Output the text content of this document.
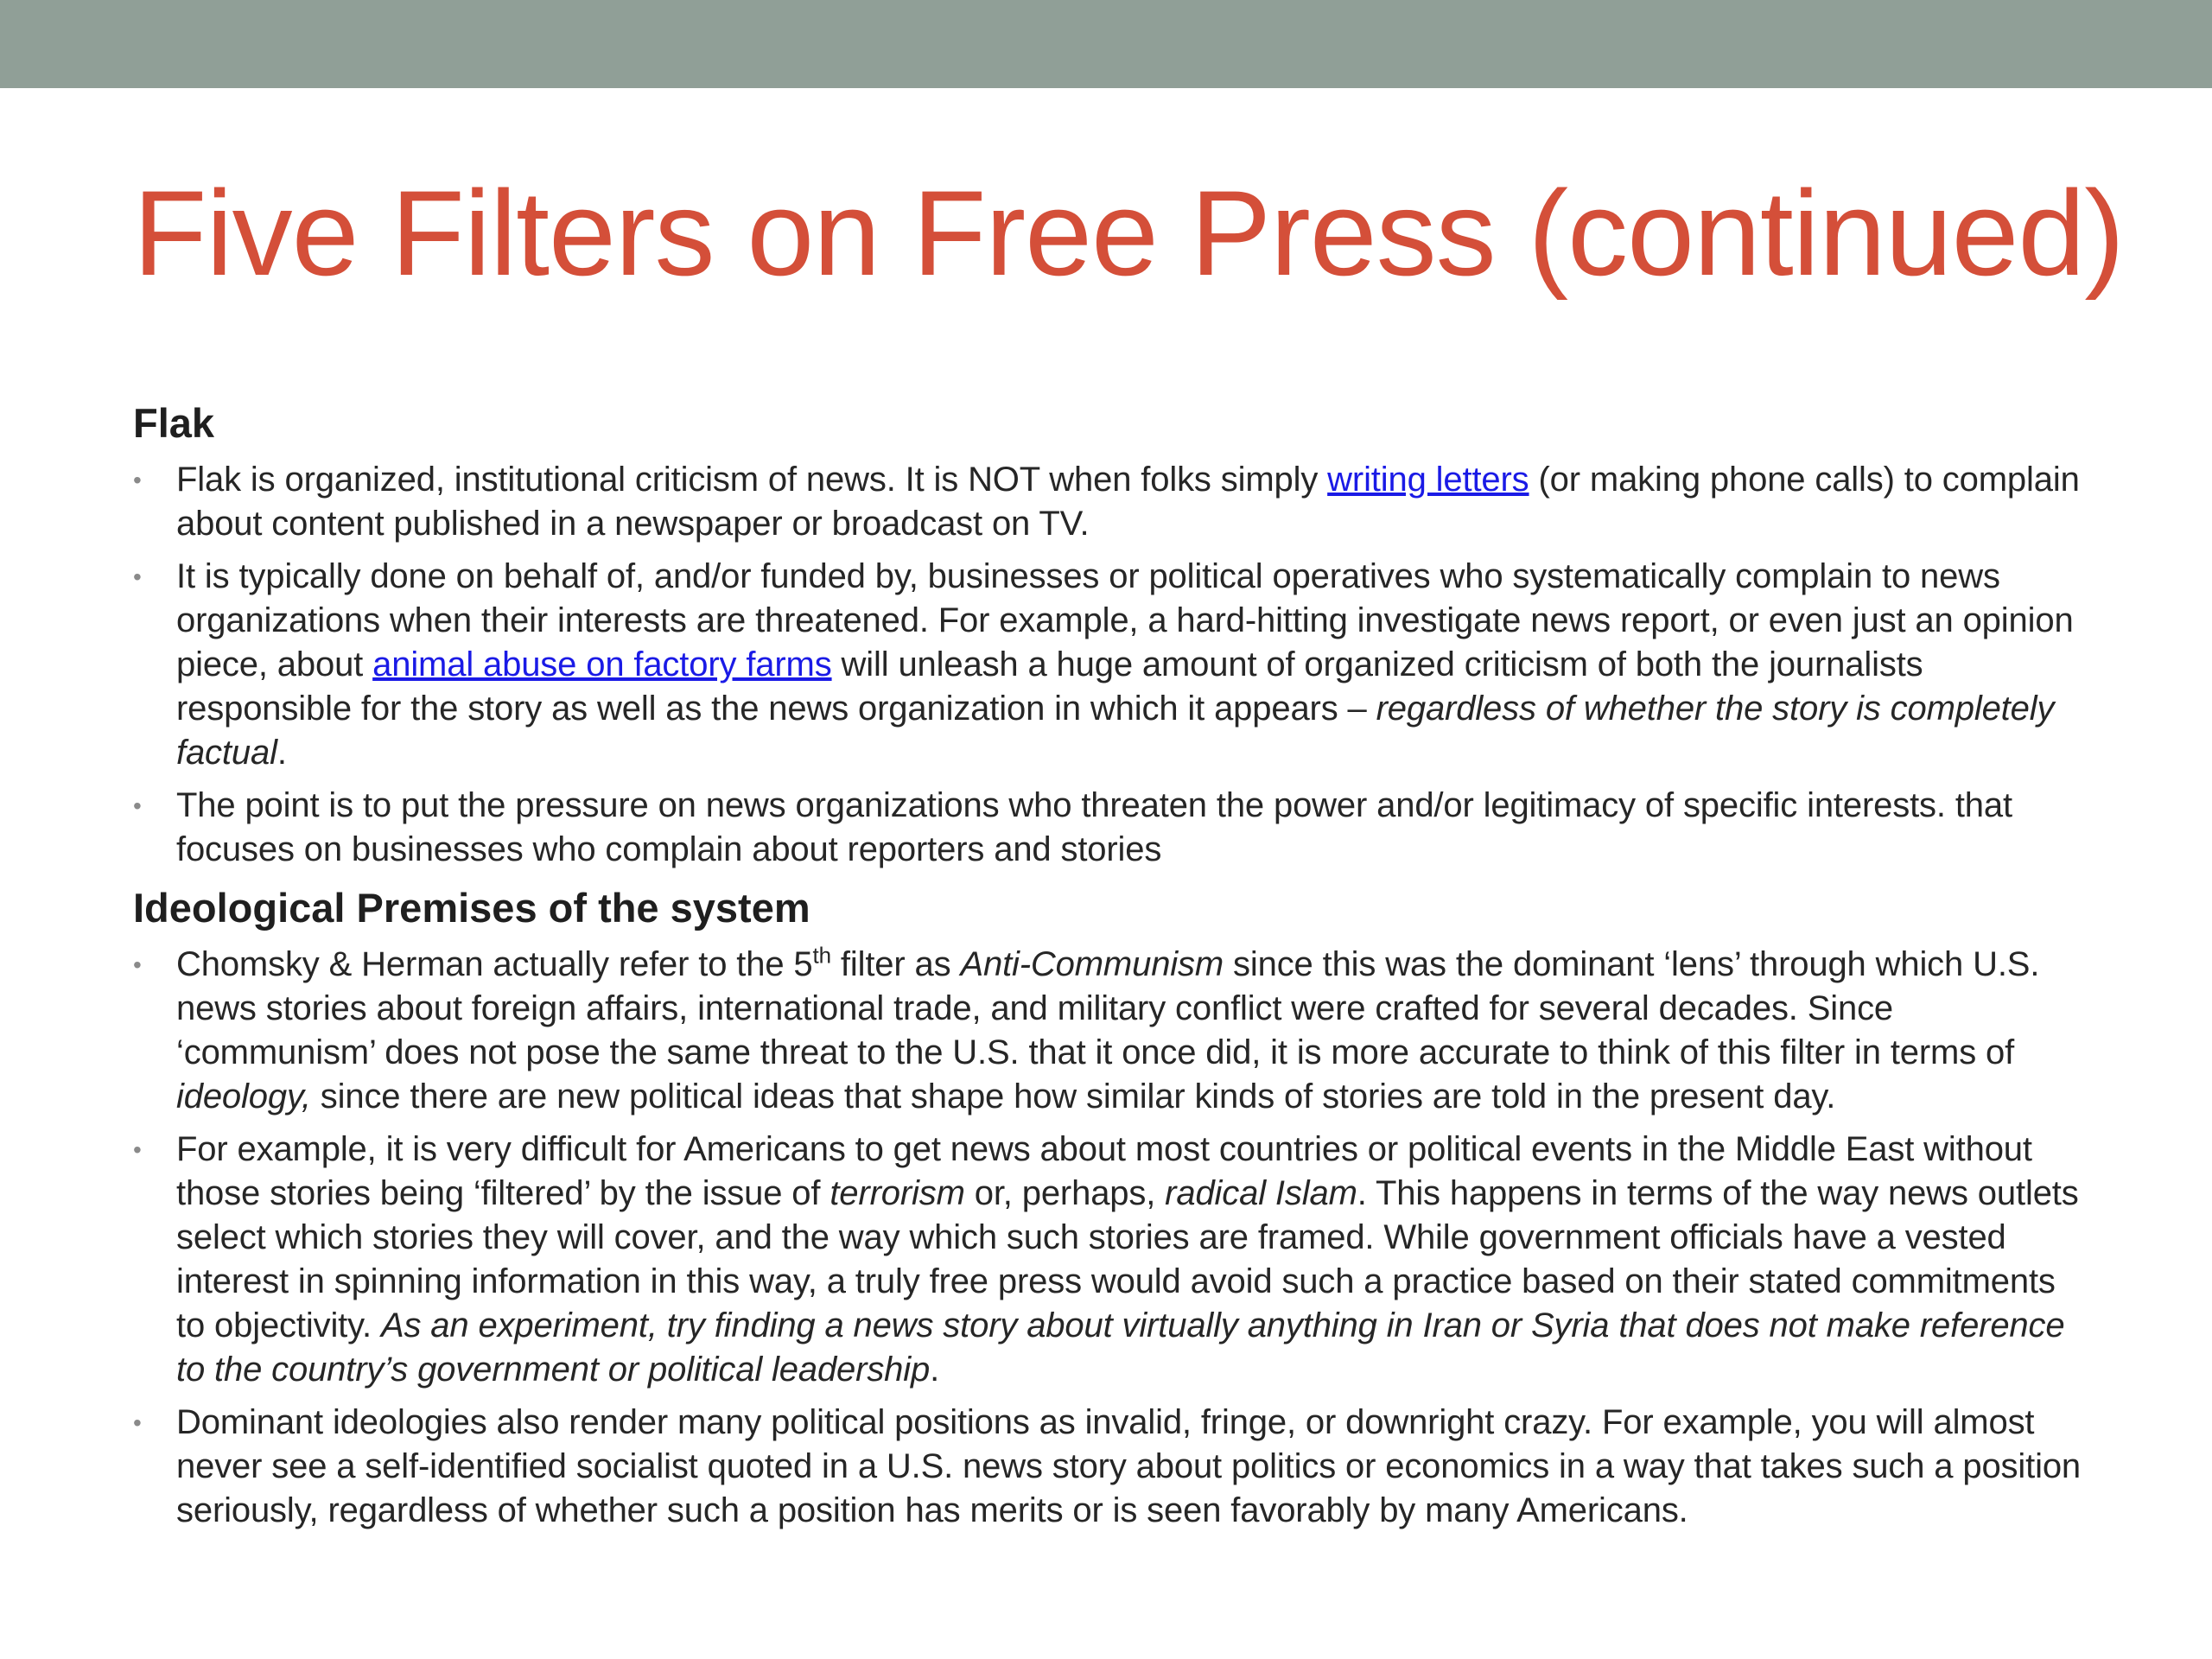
Five Filters on Free Press (continued)
Flak
• Flak is organized, institutional criticism of news. It is NOT when folks simply writing letters (or making phone calls) to complain about content published in a newspaper or broadcast on TV.
• It is typically done on behalf of, and/or funded by, businesses or political operatives who systematically complain to news organizations when their interests are threatened. For example, a hard-hitting investigate news report, or even just an opinion piece, about animal abuse on factory farms will unleash a huge amount of organized criticism of both the journalists responsible for the story as well as the news organization in which it appears – regardless of whether the story is completely factual.
• The point is to put the pressure on news organizations who threaten the power and/or legitimacy of specific interests. that focuses on businesses who complain about reporters and stories
Ideological Premises of the system
• Chomsky & Herman actually refer to the 5th filter as Anti-Communism since this was the dominant ‘lens’ through which U.S. news stories about foreign affairs, international trade, and military conflict were crafted for several decades. Since ‘communism’ does not pose the same threat to the U.S. that it once did, it is more accurate to think of this filter in terms of ideology, since there are new political ideas that shape how similar kinds of stories are told in the present day.
• For example, it is very difficult for Americans to get news about most countries or political events in the Middle East without those stories being ‘filtered’ by the issue of terrorism or, perhaps, radical Islam. This happens in terms of the way news outlets select which stories they will cover, and the way which such stories are framed. While government officials have a vested interest in spinning information in this way, a truly free press would avoid such a practice based on their stated commitments to objectivity. As an experiment, try finding a news story about virtually anything in Iran or Syria that does not make reference to the country’s government or political leadership.
• Dominant ideologies also render many political positions as invalid, fringe, or downright crazy. For example, you will almost never see a self-identified socialist quoted in a U.S. news story about politics or economics in a way that takes such a position seriously, regardless of whether such a position has merits or is seen favorably by many Americans.
